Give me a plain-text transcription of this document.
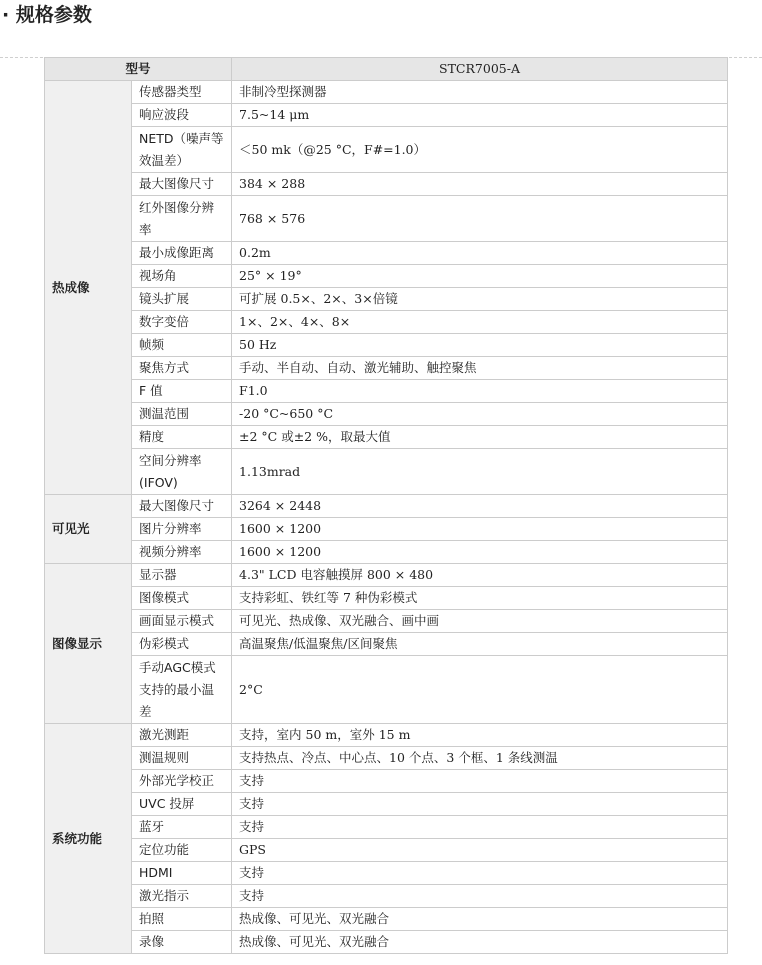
· 规格参数
型号		STCR7005-A
热成像	传感器类型	非制冷型探测器
	响应波段	7.5~14 μm
	NETD（噪声等效温差）	＜50 mk（@25 °C，F#=1.0）
	最大图像尺寸	384 × 288
	红外图像分辨率	768 × 576
	最小成像距离	0.2m
	视场角	25° × 19°
	镜头扩展	可扩展 0.5×、2×、3×倍镜
	数字变倍	1×、2×、4×、8×
	帧频	50 Hz
	聚焦方式	手动、半自动、自动、激光辅助、触控聚焦
	F 值	F1.0
	测温范围	-20 °C~650 °C
	精度	±2 °C 或±2 %，取最大值
	空间分辨率(IFOV)	1.13mrad
可见光	最大图像尺寸	3264 × 2448
	图片分辨率	1600 × 1200
	视频分辨率	1600 × 1200
图像显示	显示器	4.3" LCD 电容触摸屏 800 × 480
	图像模式	支持彩虹、铁红等 7 种伪彩模式
	画面显示模式	可见光、热成像、双光融合、画中画
	伪彩模式	高温聚焦/低温聚焦/区间聚焦
	手动AGC模式支持的最小温差	2°C
系统功能	激光测距	支持，室内 50 m，室外 15 m
	测温规则	支持热点、冷点、中心点、10 个点、3 个框、1 条线测温
	外部光学校正	支持
	UVC 投屏	支持
	蓝牙	支持
	定位功能	GPS
	HDMI	支持
	激光指示	支持
	拍照	热成像、可见光、双光融合
	录像	热成像、可见光、双光融合
